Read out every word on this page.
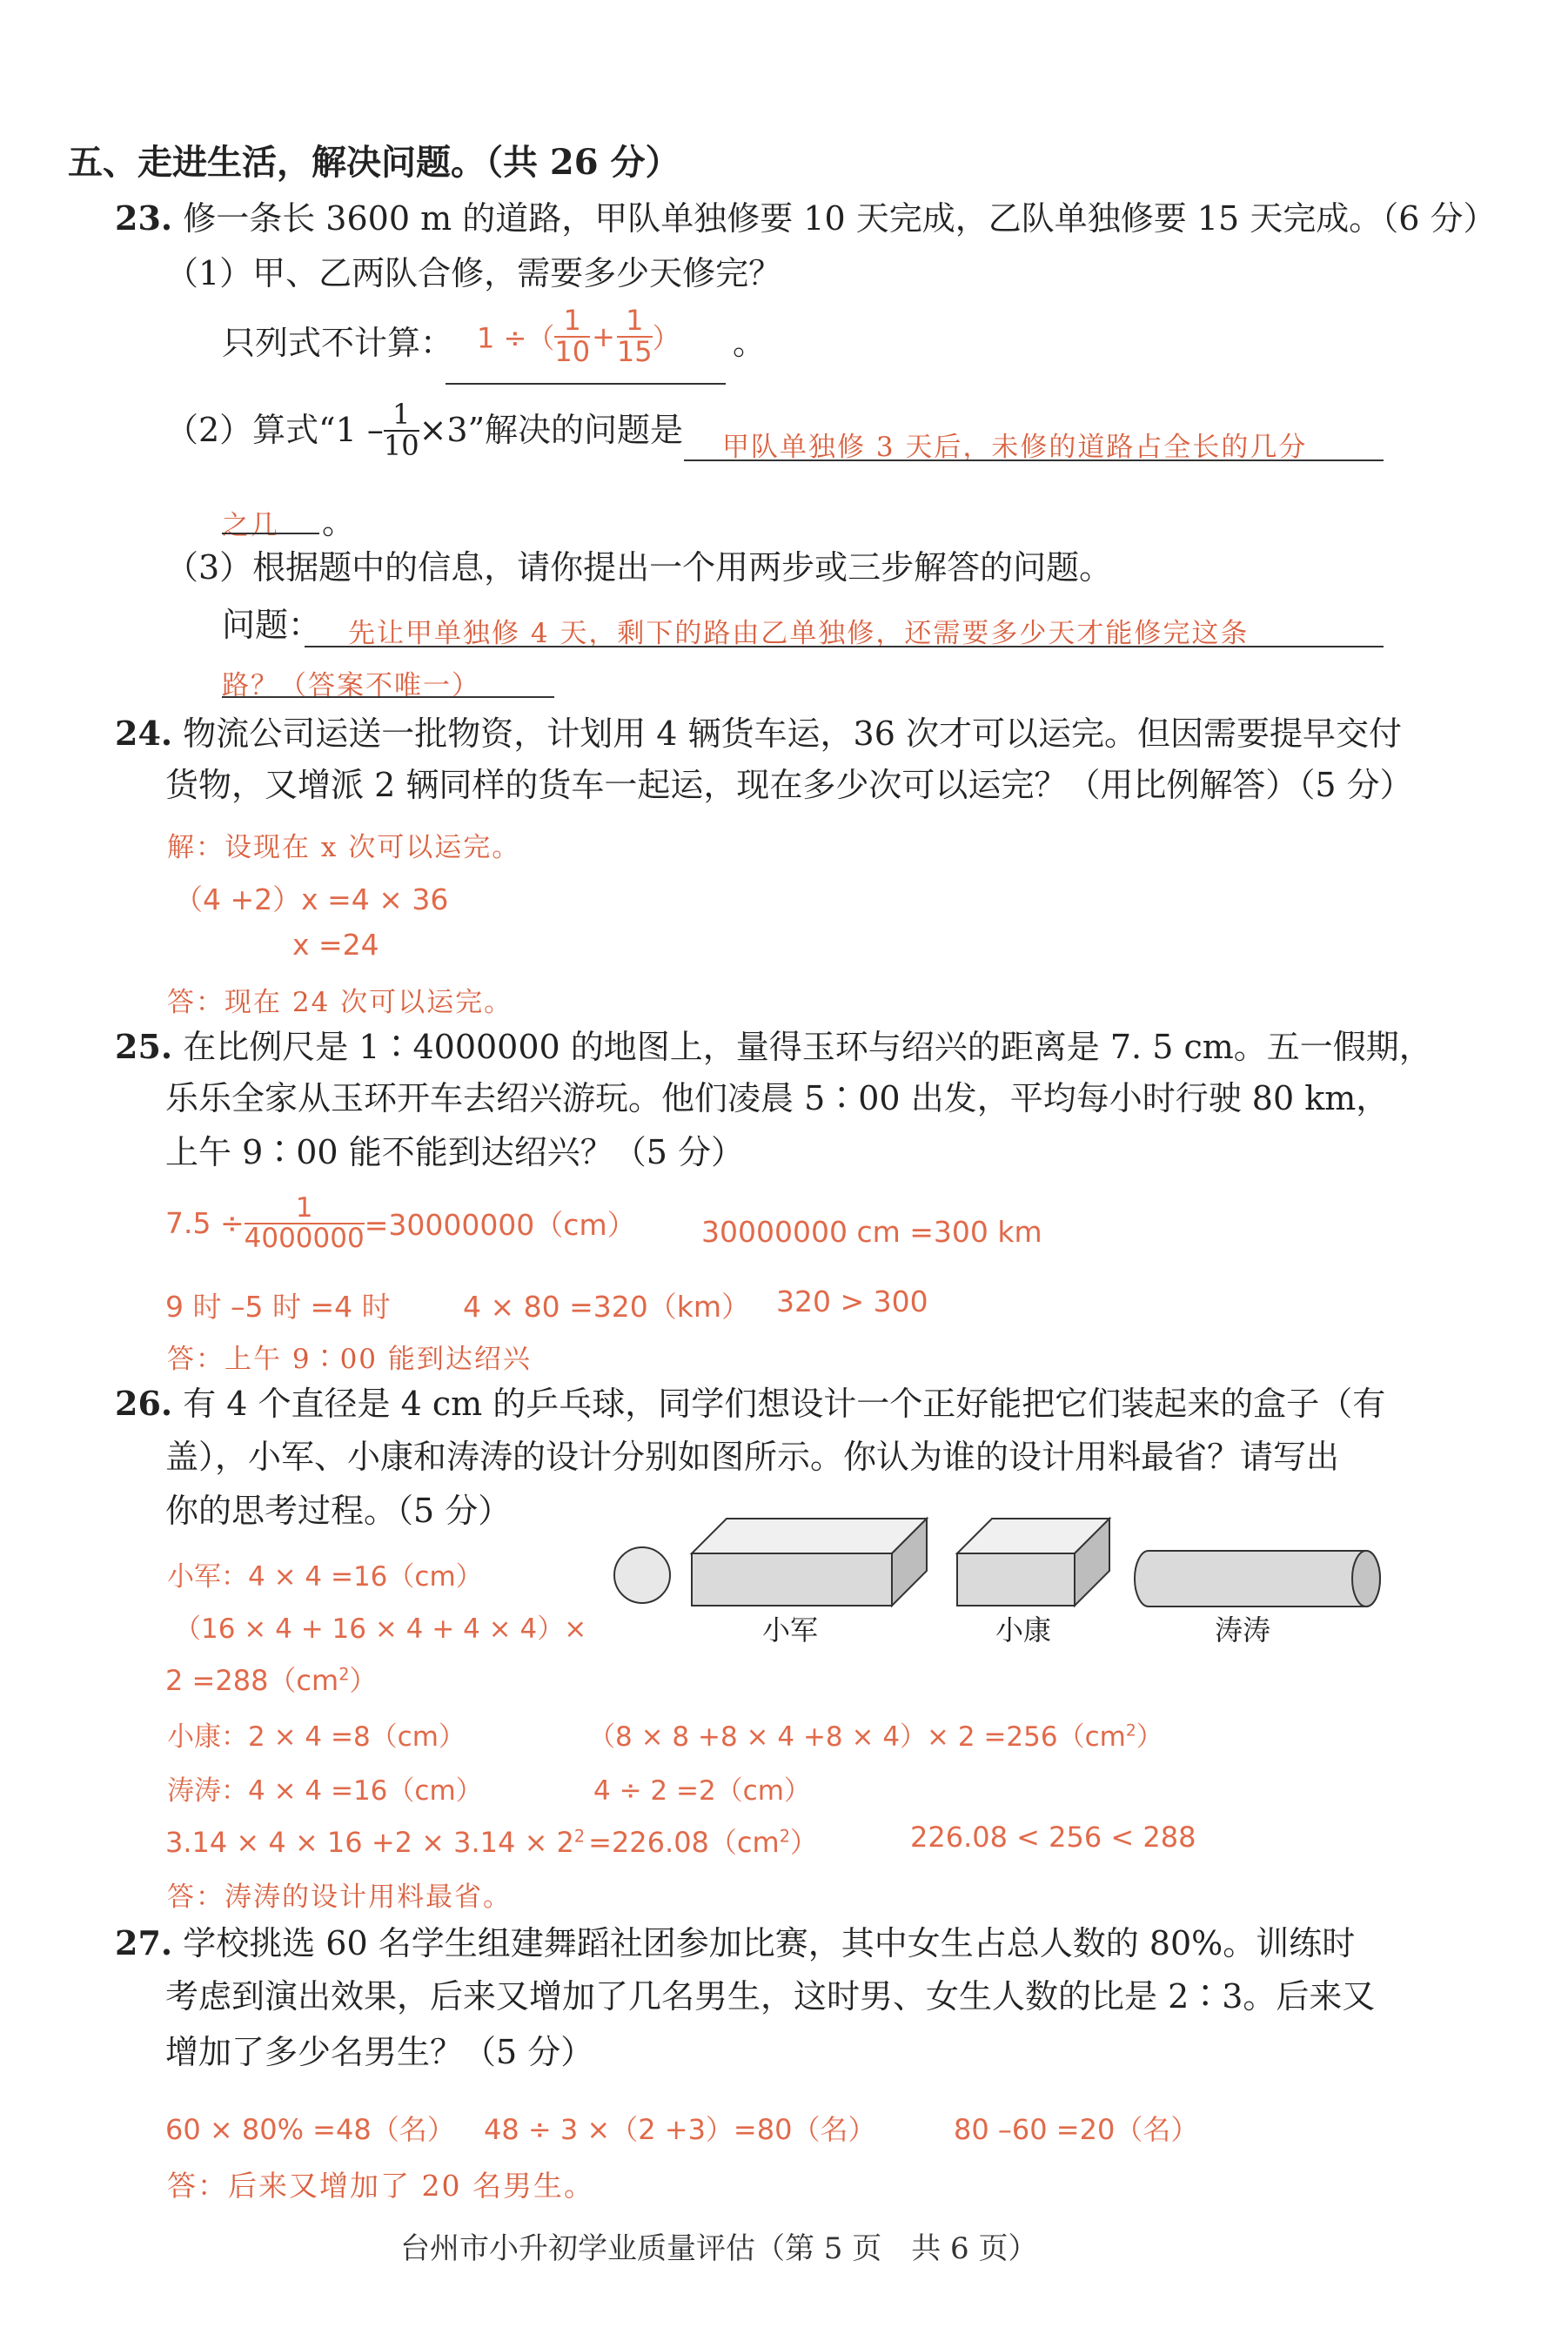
五、走进生活，解决问题。（共 26 分）
23. 修一条长 3600 m 的道路，甲队单独修要 10 天完成，乙队单独修要 15 天完成。（6 分）
（1）甲、乙两队合修，需要多少天修完？
只列式不计算： 1 ÷（ $\frac{1}{10} + \frac{1}{15}$ ） 。
（2）算式“$1 - \frac{1}{10} \times 3$”解决的问题是 甲队单独修 3 天后，未修的道路占全长的几分
之几 。
（3）根据题中的信息，请你提出一个用两步或三步解答的问题。
问题： 先让甲单独修 4 天，剩下的路由乙单独修，还需要多少天才能修完这条
路？（答案不唯一）
24. 物流公司运送一批物资，计划用 4 辆货车运，36 次才可以运完。但因需要提早交付
货物，又增派 2 辆同样的货车一起运，现在多少次可以运完？（用比例解答）（5 分）
解：设现在 x 次可以运完。
（4 +2）x =4 × 36
x =24
答：现在 24 次可以运完。
25. 在比例尺是 1∶4000000 的地图上，量得玉环与绍兴的距离是 7. 5 cm。五一假期，
乐乐全家从玉环开车去绍兴游玩。他们凌晨 5∶00 出发，平均每小时行驶 80 km，
上午 9∶00 能不能到达绍兴？（5 分）
$7.5 \div \frac{1}{4000000} =30000000(cm)$ 30000000 cm =300 km
9 时 –5 时 =4 时	4 × 80 =320（km） 320 > 300
答：上午 9∶00 能到达绍兴
26. 有 4 个直径是 4 cm 的乒乓球，同学们想设计一个正好能把它们装起来的盒子（有
盖），小军、小康和涛涛的设计分别如图所示。你认为谁的设计用料最省？请写出
你的思考过程。（5 分）
小军	小康	涛涛
小军：4 × 4 =16（cm）
（16 × 4 + 16 × 4 + 4 × 4）×
$2 =288(cm^2)$
小康：2 × 4 =8（cm）	$(8 \times 8 +8 \times 4 +8 \times 4)\times 2 =256(cm^2)$
涛涛：4 × 4 =16（cm）	4 ÷ 2 =2（cm）
$3.14 \times 4 \times 16 +2 \times 3.14 \times 2^2 =226.08(cm^2)$	226.08 < 256 < 288
答：涛涛的设计用料最省。
27. 学校挑选 60 名学生组建舞蹈社团参加比赛，其中女生占总人数的 80%。训练时
考虑到演出效果，后来又增加了几名男生，这时男、女生人数的比是 2∶3。后来又
增加了多少名男生？（5 分）
60 × 80% =48（名） 48 ÷ 3 ×（2 +3）=80（名）	80 –60 =20（名）
答：后来又增加了 20 名男生。
台州市小升初学业质量评估（第 5 页　共 6 页）
